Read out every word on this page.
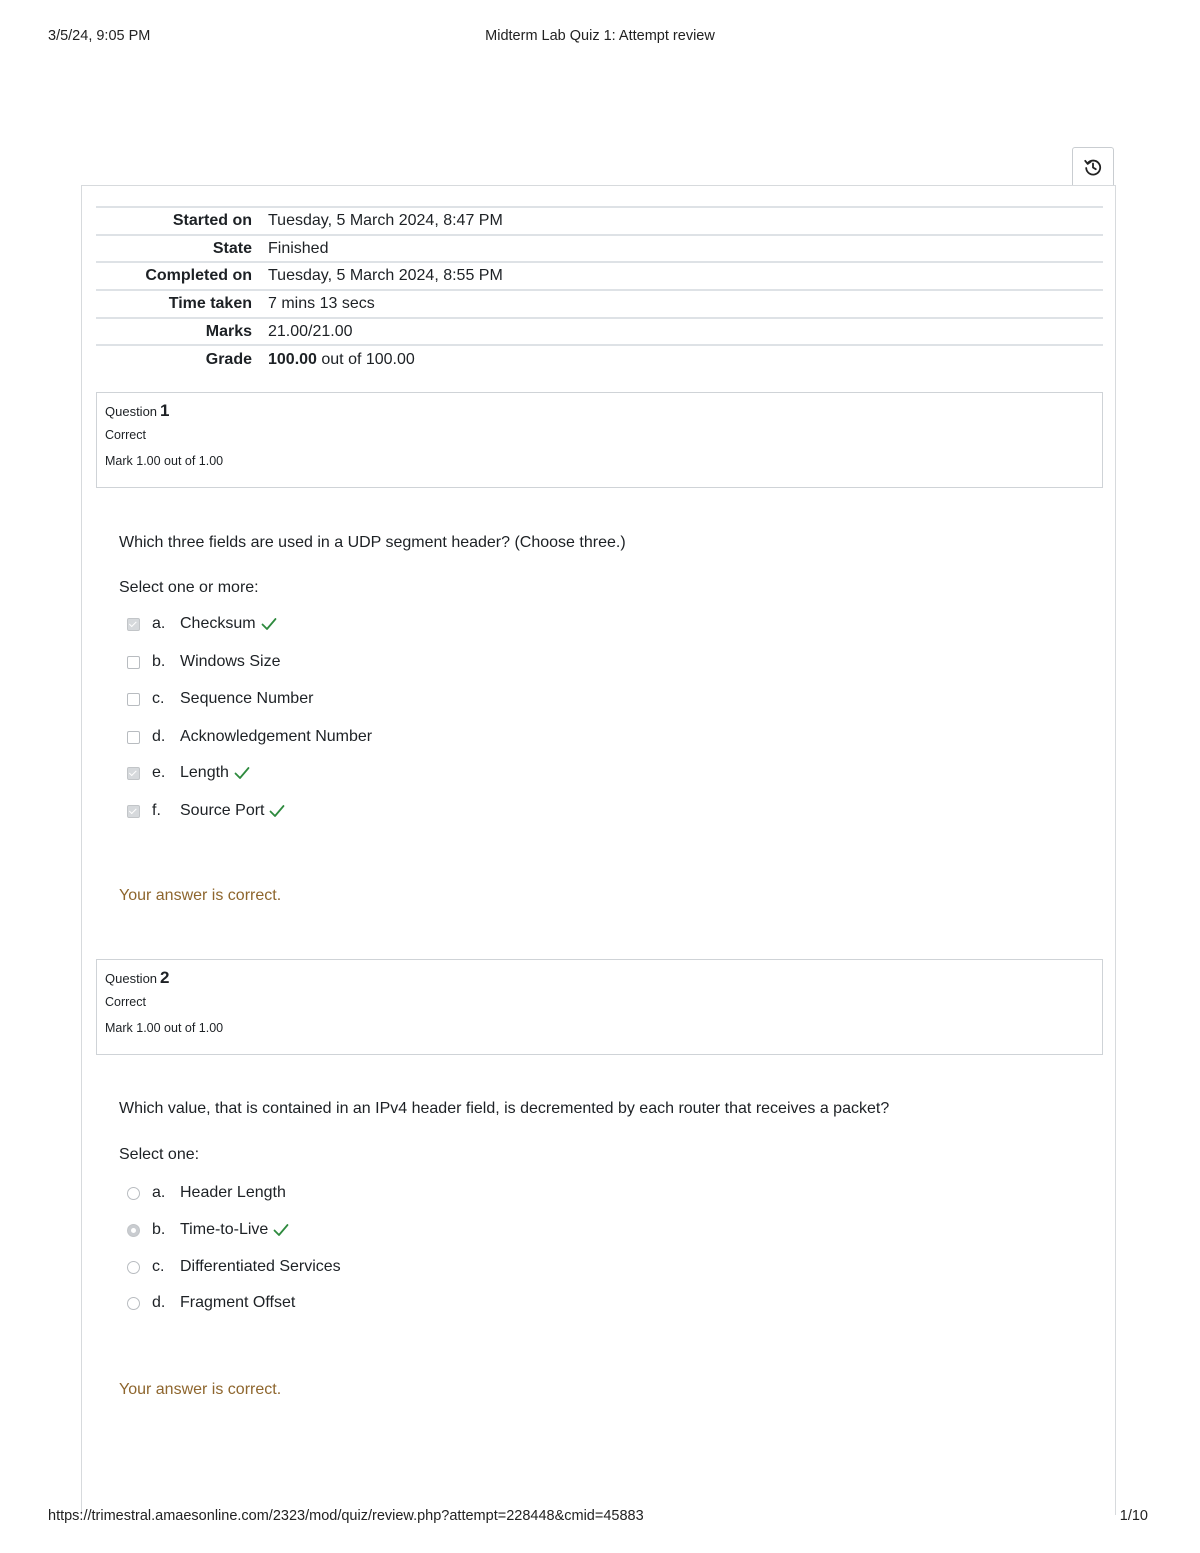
3/5/24, 9:05 PM	Midterm Lab Quiz 1: Attempt review
Started on	Tuesday, 5 March 2024, 8:47 PM
State	Finished
Completed on	Tuesday, 5 March 2024, 8:55 PM
Time taken	7 mins 13 secs
Marks	21.00/21.00
Grade	100.00 out of 100.00
Question 1
Correct
Mark 1.00 out of 1.00
Which three fields are used in a UDP segment header? (Choose three.)
Select one or more:
a. Checksum
b. Windows Size
c. Sequence Number
d. Acknowledgement Number
e. Length
f.	Source Port
Your answer is correct.
Question 2
Correct
Mark 1.00 out of 1.00
Which value, that is contained in an IPv4 header field, is decremented by each router that receives a packet?
Select one:
a. Header Length
b. Time-to-Live
c. Differentiated Services
d. Fragment Offset
Your answer is correct.
https://trimestral.amaesonline.com/2323/mod/quiz/review.php?attempt=228448&cmid=45883	1/10
